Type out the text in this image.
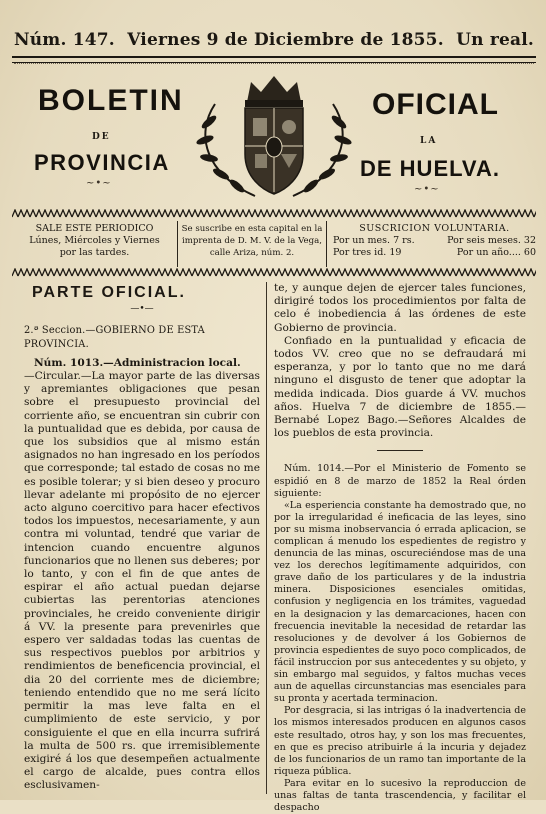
Núm. 147. Viernes 9 de Diciembre de 1855. Un real.
BOLETIN
DE
PROVINCIA
~•~
OFICIAL
LA
DE HUELVA.
~•~
SALE ESTE PERIODICO
Lúnes, Miércoles y Viernes
por las tardes.
Se suscribe en esta capital en la
imprenta de D. M. V. de la Vega,
calle Ariza, núm. 2.
SUSCRICION VOLUNTARIA.
Por un mes. 7 rs.	Por seis meses. 32
Por tres id. 19	Por un año.... 60
PARTE OFICIAL.
—•—
2.ª Seccion.—GOBIERNO DE ESTA PROVINCIA.

Núm. 1013.—Administracion local.

—Circular.—La mayor parte de las diversas y apremiantes obligaciones que pesan sobre el presupuesto provincial del corriente año, se encuentran sin cubrir con la puntualidad que es debida, por causa de que los subsidios que al mismo están asignados no han ingresado en los períodos que corresponde; tal estado de cosas no me es posible tolerar; y si bien deseo y procuro llevar adelante mi propósito de no ejercer acto alguno coercitivo para hacer efectivos todos los impuestos, necesariamente, y aun contra mi voluntad, tendré que variar de intencion cuando encuentre algunos funcionarios que no llenen sus deberes; por lo tanto, y con el fin de que antes de espirar el año actual puedan dejarse cubiertas las perentorias atenciones provinciales, he creido conveniente dirigir á VV. la presente para prevenirles que espero ver saldadas todas las cuentas de sus respectivos pueblos por arbitrios y rendimientos de beneficencia provincial, el dia 20 del corriente mes de diciembre; teniendo entendido que no me será lícito permitir la mas leve falta en el cumplimiento de este servicio, y por consiguiente el que en ella incurra sufrirá la multa de 500 rs. que irremisiblemente exigiré á los que desempeñen actualmente el cargo de alcalde, pues contra ellos esclusivamen-

te, y aunque dejen de ejercer tales funciones, dirigiré todos los procedimientos por falta de celo é inobediencia á las órdenes de este Gobierno de provincia.

Confiado en la puntualidad y eficacia de todos VV. creo que no se defraudará mi esperanza, y por lo tanto que no me dará ninguno el disgusto de tener que adoptar la medida indicada. Dios guarde á VV. muchos años. Huelva 7 de diciembre de 1855.—Bernabé Lopez Bago.—Señores Alcaldes de los pueblos de esta provincia.

Núm. 1014.—Por el Ministerio de Fomento se espidió en 8 de marzo de 1852 la Real órden siguiente:

«La esperiencia constante ha demostrado que, no por la irregularidad é ineficacia de las leyes, sino por su misma inobservancia ó errada aplicacion, se complican á menudo los espedientes de registro y denuncia de las minas, oscureciéndose mas de una vez los derechos legítimamente adquiridos, con grave daño de los particulares y de la industria minera. Disposiciones esenciales omitidas, confusion y negligencia en los trámites, vaguedad en la designacion y las demarcaciones, hacen con frecuencia inevitable la necesidad de retardar las resoluciones y de devolver á los Gobiernos de provincia espedientes de suyo poco complicados, de fácil instruccion por sus antecedentes y su objeto, y sin embargo mal seguidos, y faltos muchas veces aun de aquellas circunstancias mas esenciales para su pronta y acertada terminacion.

Por desgracia, si las intrigas ó la inadvertencia de los mismos interesados producen en algunos casos este resultado, otros hay, y son los mas frecuentes, en que es preciso atribuirle á la incuria y dejadez de los funcionarios de un ramo tan importante de la riqueza pública.

Para evitar en lo sucesivo la reproduccion de unas faltas de tanta trascendencia, y facilitar el despacho
